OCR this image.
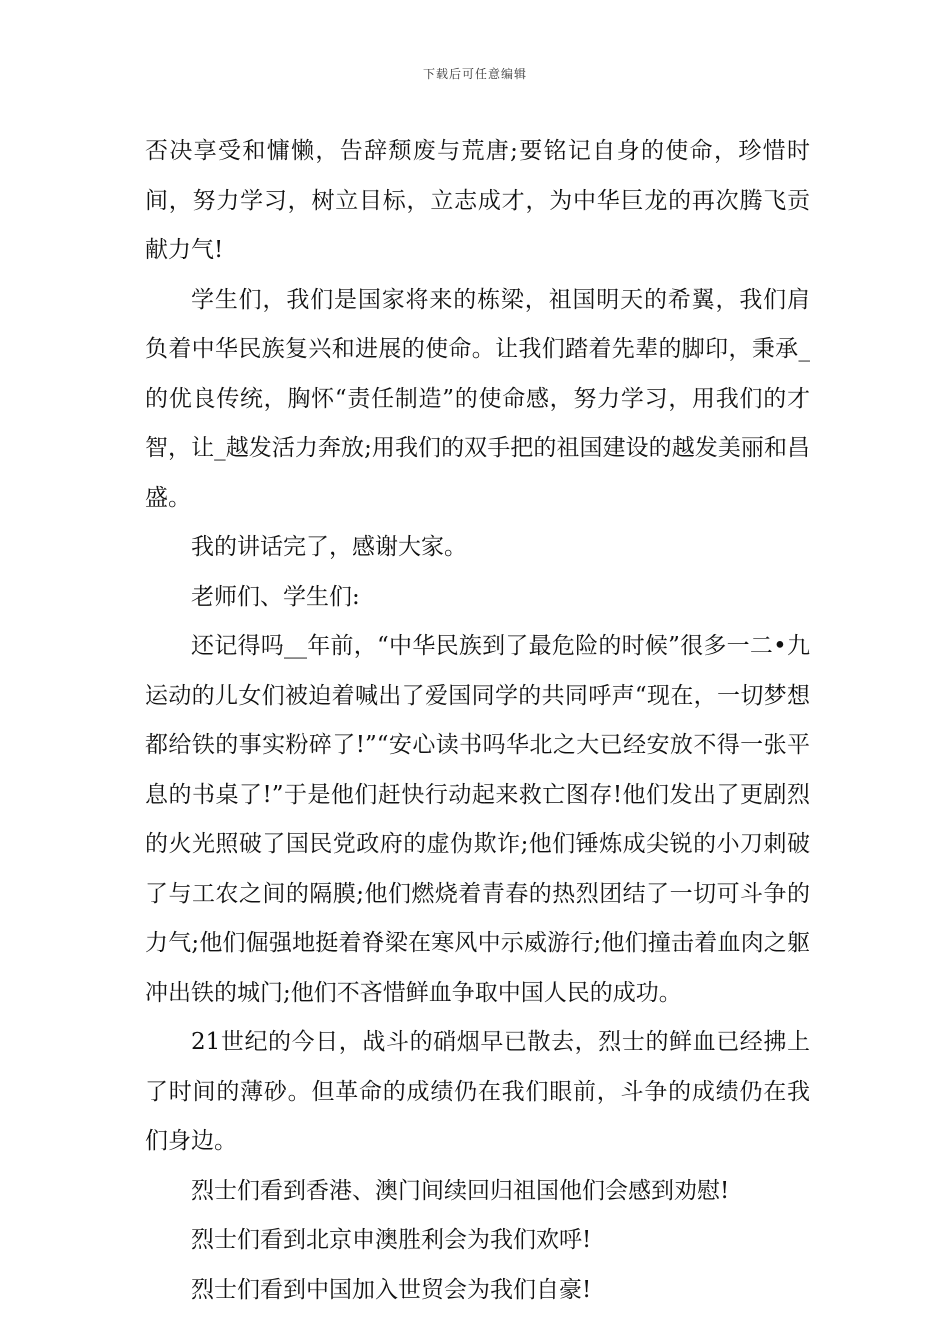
下载后可任意编辑

否决享受和慵懒，告辞颓废与荒唐;要铭记自身的使命，珍惜时间，努力学习，树立目标，立志成才，为中华巨龙的再次腾飞贡献力气!

学生们，我们是国家将来的栋梁，祖国明天的希翼，我们肩负着中华民族复兴和进展的使命。让我们踏着先辈的脚印，秉承_的优良传统，胸怀“责任制造”的使命感，努力学习，用我们的才智，让_越发活力奔放;用我们的双手把的祖国建设的越发美丽和昌盛。

我的讲话完了，感谢大家。

老师们、学生们:

还记得吗__年前，“中华民族到了最危险的时候”很多一二•九运动的儿女们被迫着喊出了爱国同学的共同呼声“现在，一切梦想都给铁的事实粉碎了!”“安心读书吗华北之大已经安放不得一张平息的书桌了!”于是他们赶快行动起来救亡图存!他们发出了更剧烈的火光照破了国民党政府的虚伪欺诈;他们锤炼成尖锐的小刀刺破了与工农之间的隔膜;他们燃烧着青春的热烈团结了一切可斗争的力气;他们倔强地挺着脊梁在寒风中示威游行;他们撞击着血肉之躯冲出铁的城门;他们不吝惜鲜血争取中国人民的成功。

21世纪的今日，战斗的硝烟早已散去，烈士的鲜血已经拂上了时间的薄砂。但革命的成绩仍在我们眼前，斗争的成绩仍在我们身边。

烈士们看到香港、澳门间续回归祖国他们会感到劝慰!

烈士们看到北京申澳胜利会为我们欢呼!

烈士们看到中国加入世贸会为我们自豪!
